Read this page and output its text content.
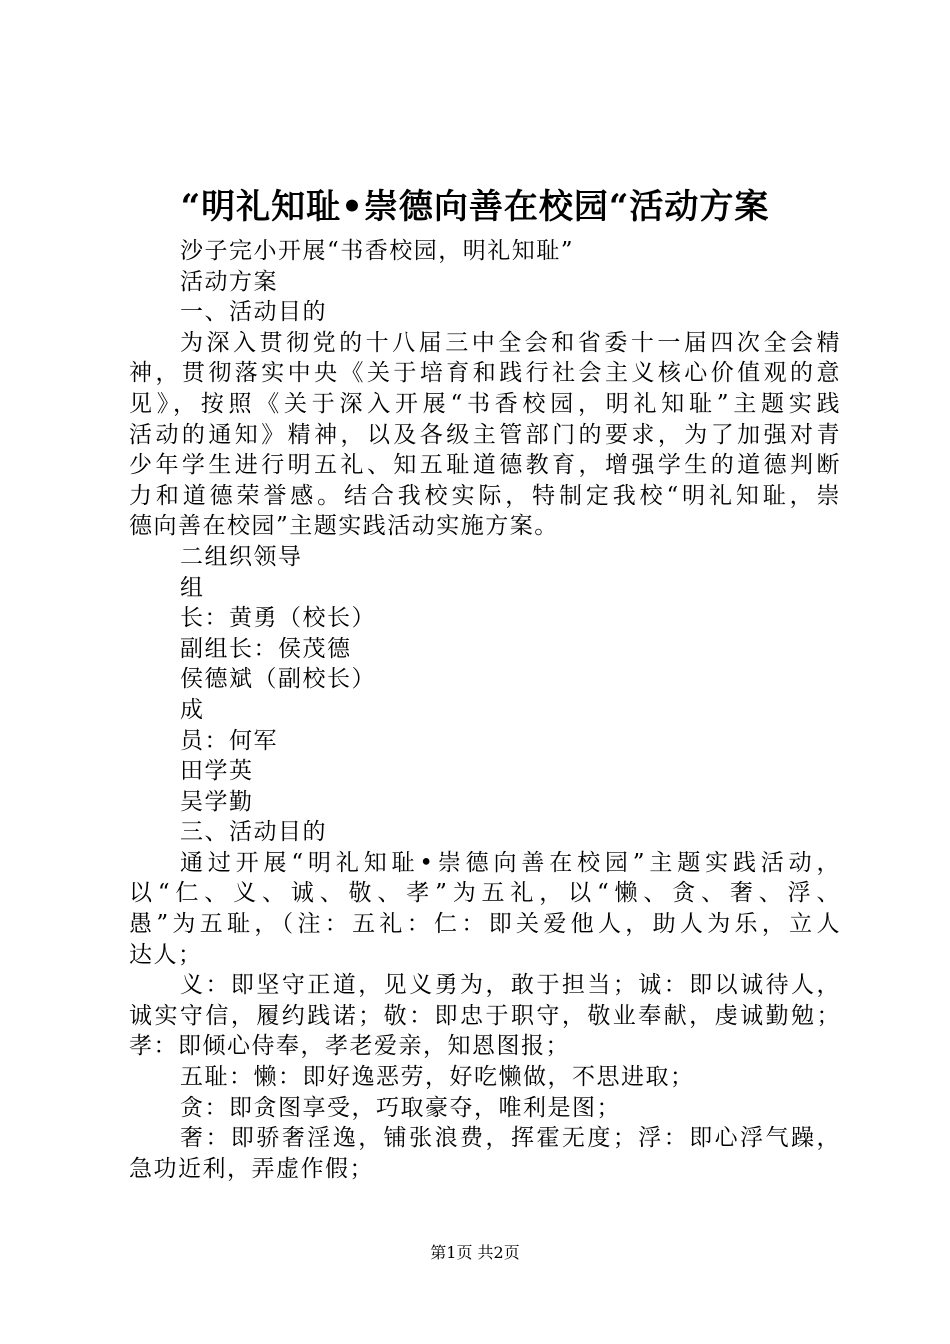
“明礼知耻•崇德向善在校园“活动方案
沙子完小开展“书香校园，明礼知耻”
活动方案
一、活动目的
为深入贯彻党的十八届三中全会和省委十一届四次全会精
神，贯彻落实中央《关于培育和践行社会主义核心价值观的意
见》，按照《关于深入开展“书香校园，明礼知耻”主题实践
活动的通知》精神，以及各级主管部门的要求，为了加强对青
少年学生进行明五礼、知五耻道德教育，增强学生的道德判断
力和道德荣誉感。结合我校实际，特制定我校“明礼知耻，崇
德向善在校园”主题实践活动实施方案。
二组织领导
组
长：黄勇（校长）
副组长：侯茂德
侯德斌（副校长）
成
员：何军
田学英
吴学勤
三、活动目的
通过开展“明礼知耻•崇德向善在校园”主题实践活动，
以“仁、义、诚、敬、孝”为五礼，以“懒、贪、奢、浮、
愚”为五耻，（注：五礼：仁：即关爱他人，助人为乐，立人
达人；
义：即坚守正道，见义勇为，敢于担当；诚：即以诚待人，
诚实守信，履约践诺；敬：即忠于职守，敬业奉献，虔诚勤勉；
孝：即倾心侍奉，孝老爱亲，知恩图报；
五耻：懒：即好逸恶劳，好吃懒做，不思进取；
贪：即贪图享受，巧取豪夺，唯利是图；
奢：即骄奢淫逸，铺张浪费，挥霍无度；浮：即心浮气躁，
急功近利，弄虚作假；
第1页 共2页
